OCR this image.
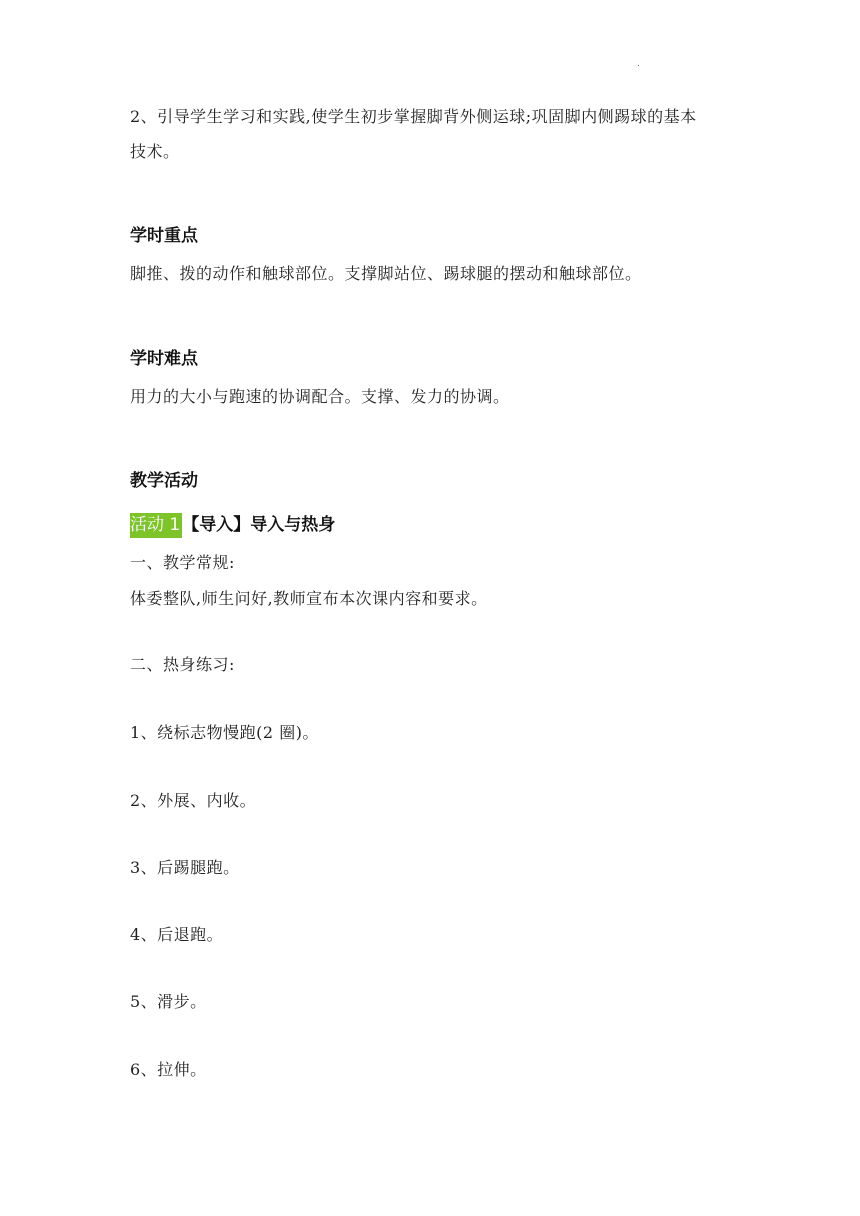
.
2、引导学生学习和实践,使学生初步掌握脚背外侧运球;巩固脚内侧踢球的基本
技术。
学时重点
脚推、拨的动作和触球部位。支撑脚站位、踢球腿的摆动和触球部位。
学时难点
用力的大小与跑速的协调配合。支撑、发力的协调。
教学活动
活动 1 【导入】导入与热身
一、教学常规:
体委整队,师生问好,教师宣布本次课内容和要求。
二、热身练习:
1、绕标志物慢跑(2 圈)。
2、外展、内收。
3、后踢腿跑。
4、后退跑。
5、滑步。
6、拉伸。
